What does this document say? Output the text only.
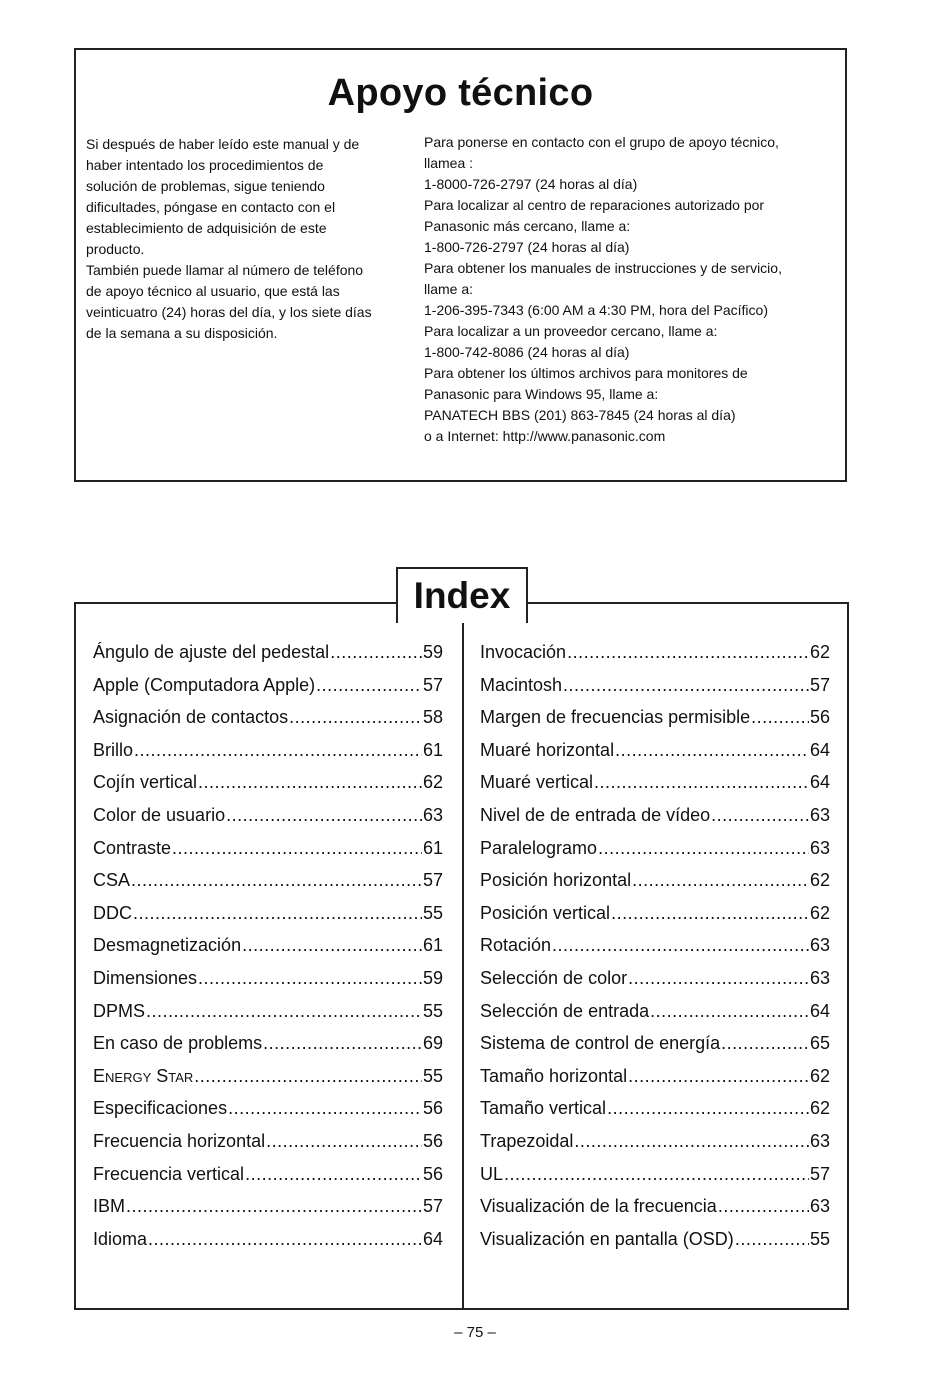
Apoyo técnico
Si después de haber leído este manual y de
haber intentado los procedimientos de
solución de problemas, sigue teniendo
dificultades, póngase en contacto con el
establecimiento de adquisición de este
producto.
También puede llamar al número de teléfono
de apoyo técnico al usuario, que está las
veinticuatro (24) horas del día, y los siete días
de la semana a su disposición.
Para ponerse en contacto con el grupo de apoyo técnico,
llamea :
1-8000-726-2797 (24 horas al día)
Para localizar al centro de reparaciones autorizado por
Panasonic más cercano, llame a:
1-800-726-2797 (24 horas al día)
Para obtener los manuales de instrucciones y de servicio,
llame a:
1-206-395-7343 (6:00 AM a 4:30 PM, hora del Pacífico)
Para localizar a un proveedor cercano, llame a:
1-800-742-8086 (24 horas al día)
Para obtener los últimos archivos para monitores de
Panasonic para Windows 95, llame a:
PANATECH BBS (201) 863-7845 (24 horas al día)
o a Internet: http://www.panasonic.com
Index
Ángulo de ajuste del pedestal .....	59
Apple (Computadora Apple) .....	57
Asignación de contactos .....	58
Brillo .....	61
Cojín vertical .....	62
Color de usuario .....	63
Contraste .....	61
CSA .....	57
DDC .....	55
Desmagnetización .....	61
Dimensiones .....	59
DPMS .....	55
En caso de problems .....	69
Energy Star .....	55
Especificaciones .....	56
Frecuencia horizontal .....	56
Frecuencia vertical .....	56
IBM .....	57
Idioma .....	64
Invocación .....	62
Macintosh .....	57
Margen de frecuencias permisible .....	56
Muaré horizontal .....	64
Muaré vertical .....	64
Nivel de de entrada de vídeo .....	63
Paralelogramo .....	63
Posición horizontal .....	62
Posición vertical .....	62
Rotación .....	63
Selección de color .....	63
Selección de entrada .....	64
Sistema de control de energía .....	65
Tamaño horizontal .....	62
Tamaño vertical .....	62
Trapezoidal .....	63
UL .....	57
Visualización de la frecuencia .....	63
Visualización en pantalla (OSD) .....	55
– 75 –
